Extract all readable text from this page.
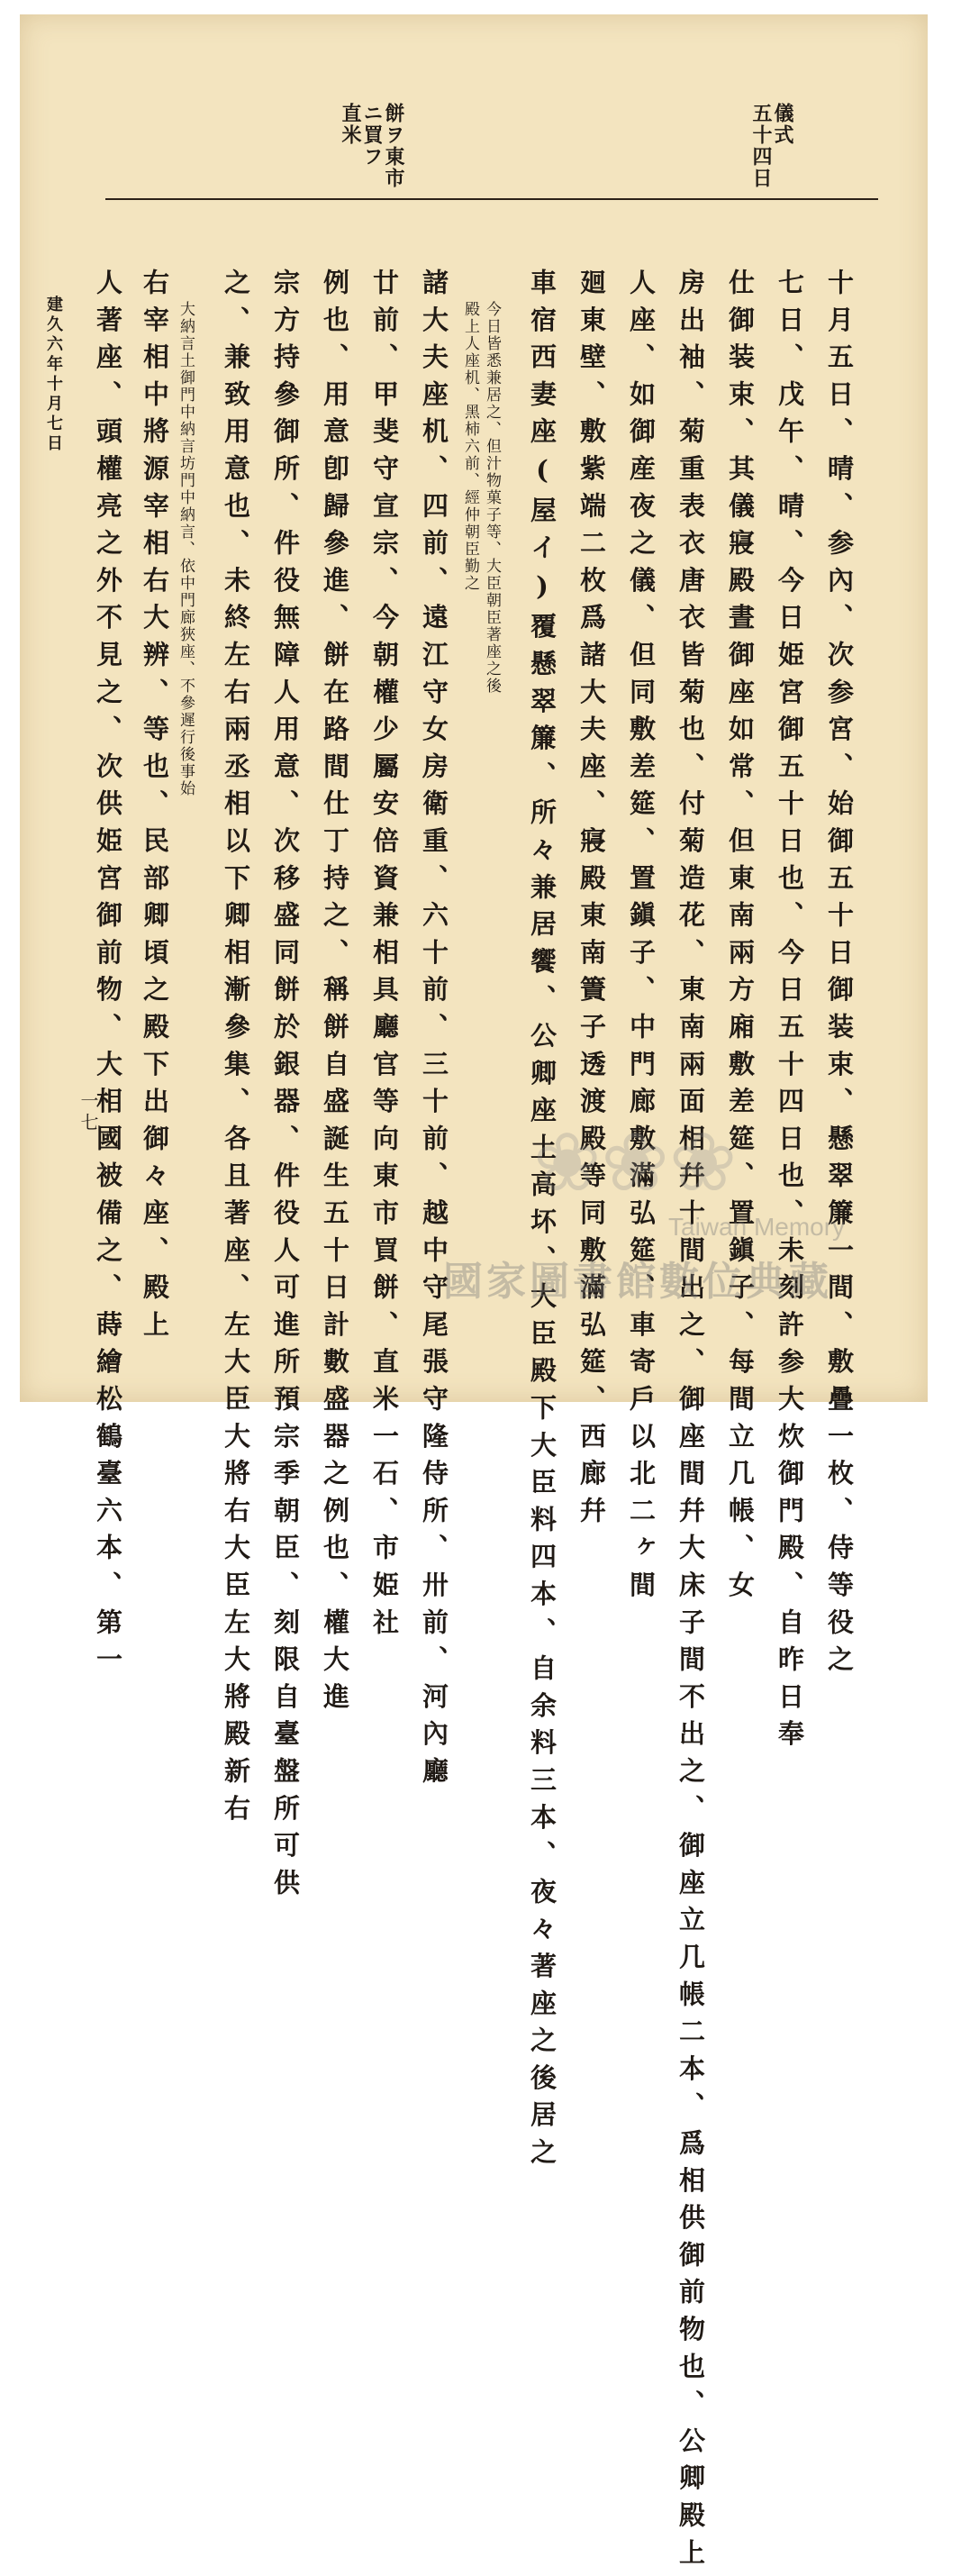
儀式
五十四日
餅ヲ東市
ニ買フ
直米
十月五日、晴、参內、次参宮、始御五十日御装束、懸翠簾一間、敷疊一枚、侍等役之
七日、戊午、晴、今日姫宮御五十日也、今日五十四日也、未刻許参大炊御門殿、自昨日奉
仕御装束、其儀寢殿晝御座如常、但東南兩方廂敷差筵、置鎭子、每間立几帳、女
房出袖、菊重表衣唐衣皆菊也、付菊造花、東南兩面相幷十間出之、御座間幷大床子間不出之、御座立几帳二本、爲相供御前物也、公卿殿上
人座、如御産夜之儀、但同敷差筵、置鎭子、中門廊敷滿弘筵、車寄戶以北二ヶ間
廻東壁、敷紫端二枚爲諸大夫座、寢殿東南簀子透渡殿等同敷滿弘筵、西廊幷
車宿西妻座(屋イ)覆懸翠簾、所々兼居饗、公卿座土高坏、大臣殿下大臣料四本、自余料三本、夜々著座之後居之
今日皆悉兼居之、但汁物菓子等、大臣朝臣著座之後
殿上人座机、黑柿六前、經仲朝臣勤之
諸大夫座机、四前、遠江守女房衛重、六十前、三十前、越中守尾張守隆侍所、卅前、河內廳
廿前、甲斐守宣宗、今朝權少屬安倍資兼相具廳官等向東市買餅、直米一石、市姫社
例也、用意卽歸參進、餅在路間仕丁持之、稱餅自盛誕生五十日計數盛器之例也、權大進
宗方持參御所、件役無障人用意、次移盛同餅於銀器、件役人可進所預宗季朝臣、刻限自臺盤所可供
之、兼致用意也、未終左右兩丞相以下卿相漸參集、各且著座、左大臣大將右大臣左大將殿新右
大納言土御門中納言坊門中納言、依中門廊狹座、不參遲行後事始
右宰相中將源宰相右大辨、等也、民部卿頃之殿下出御々座、殿上
人著座、頭權亮之外不見之、次供姫宮御前物、大相國被備之、蒔繪松鶴臺六本、第一
建久六年十月七日
一七
❀❀❀
Taiwan Memory
國家圖書館數位典藏
